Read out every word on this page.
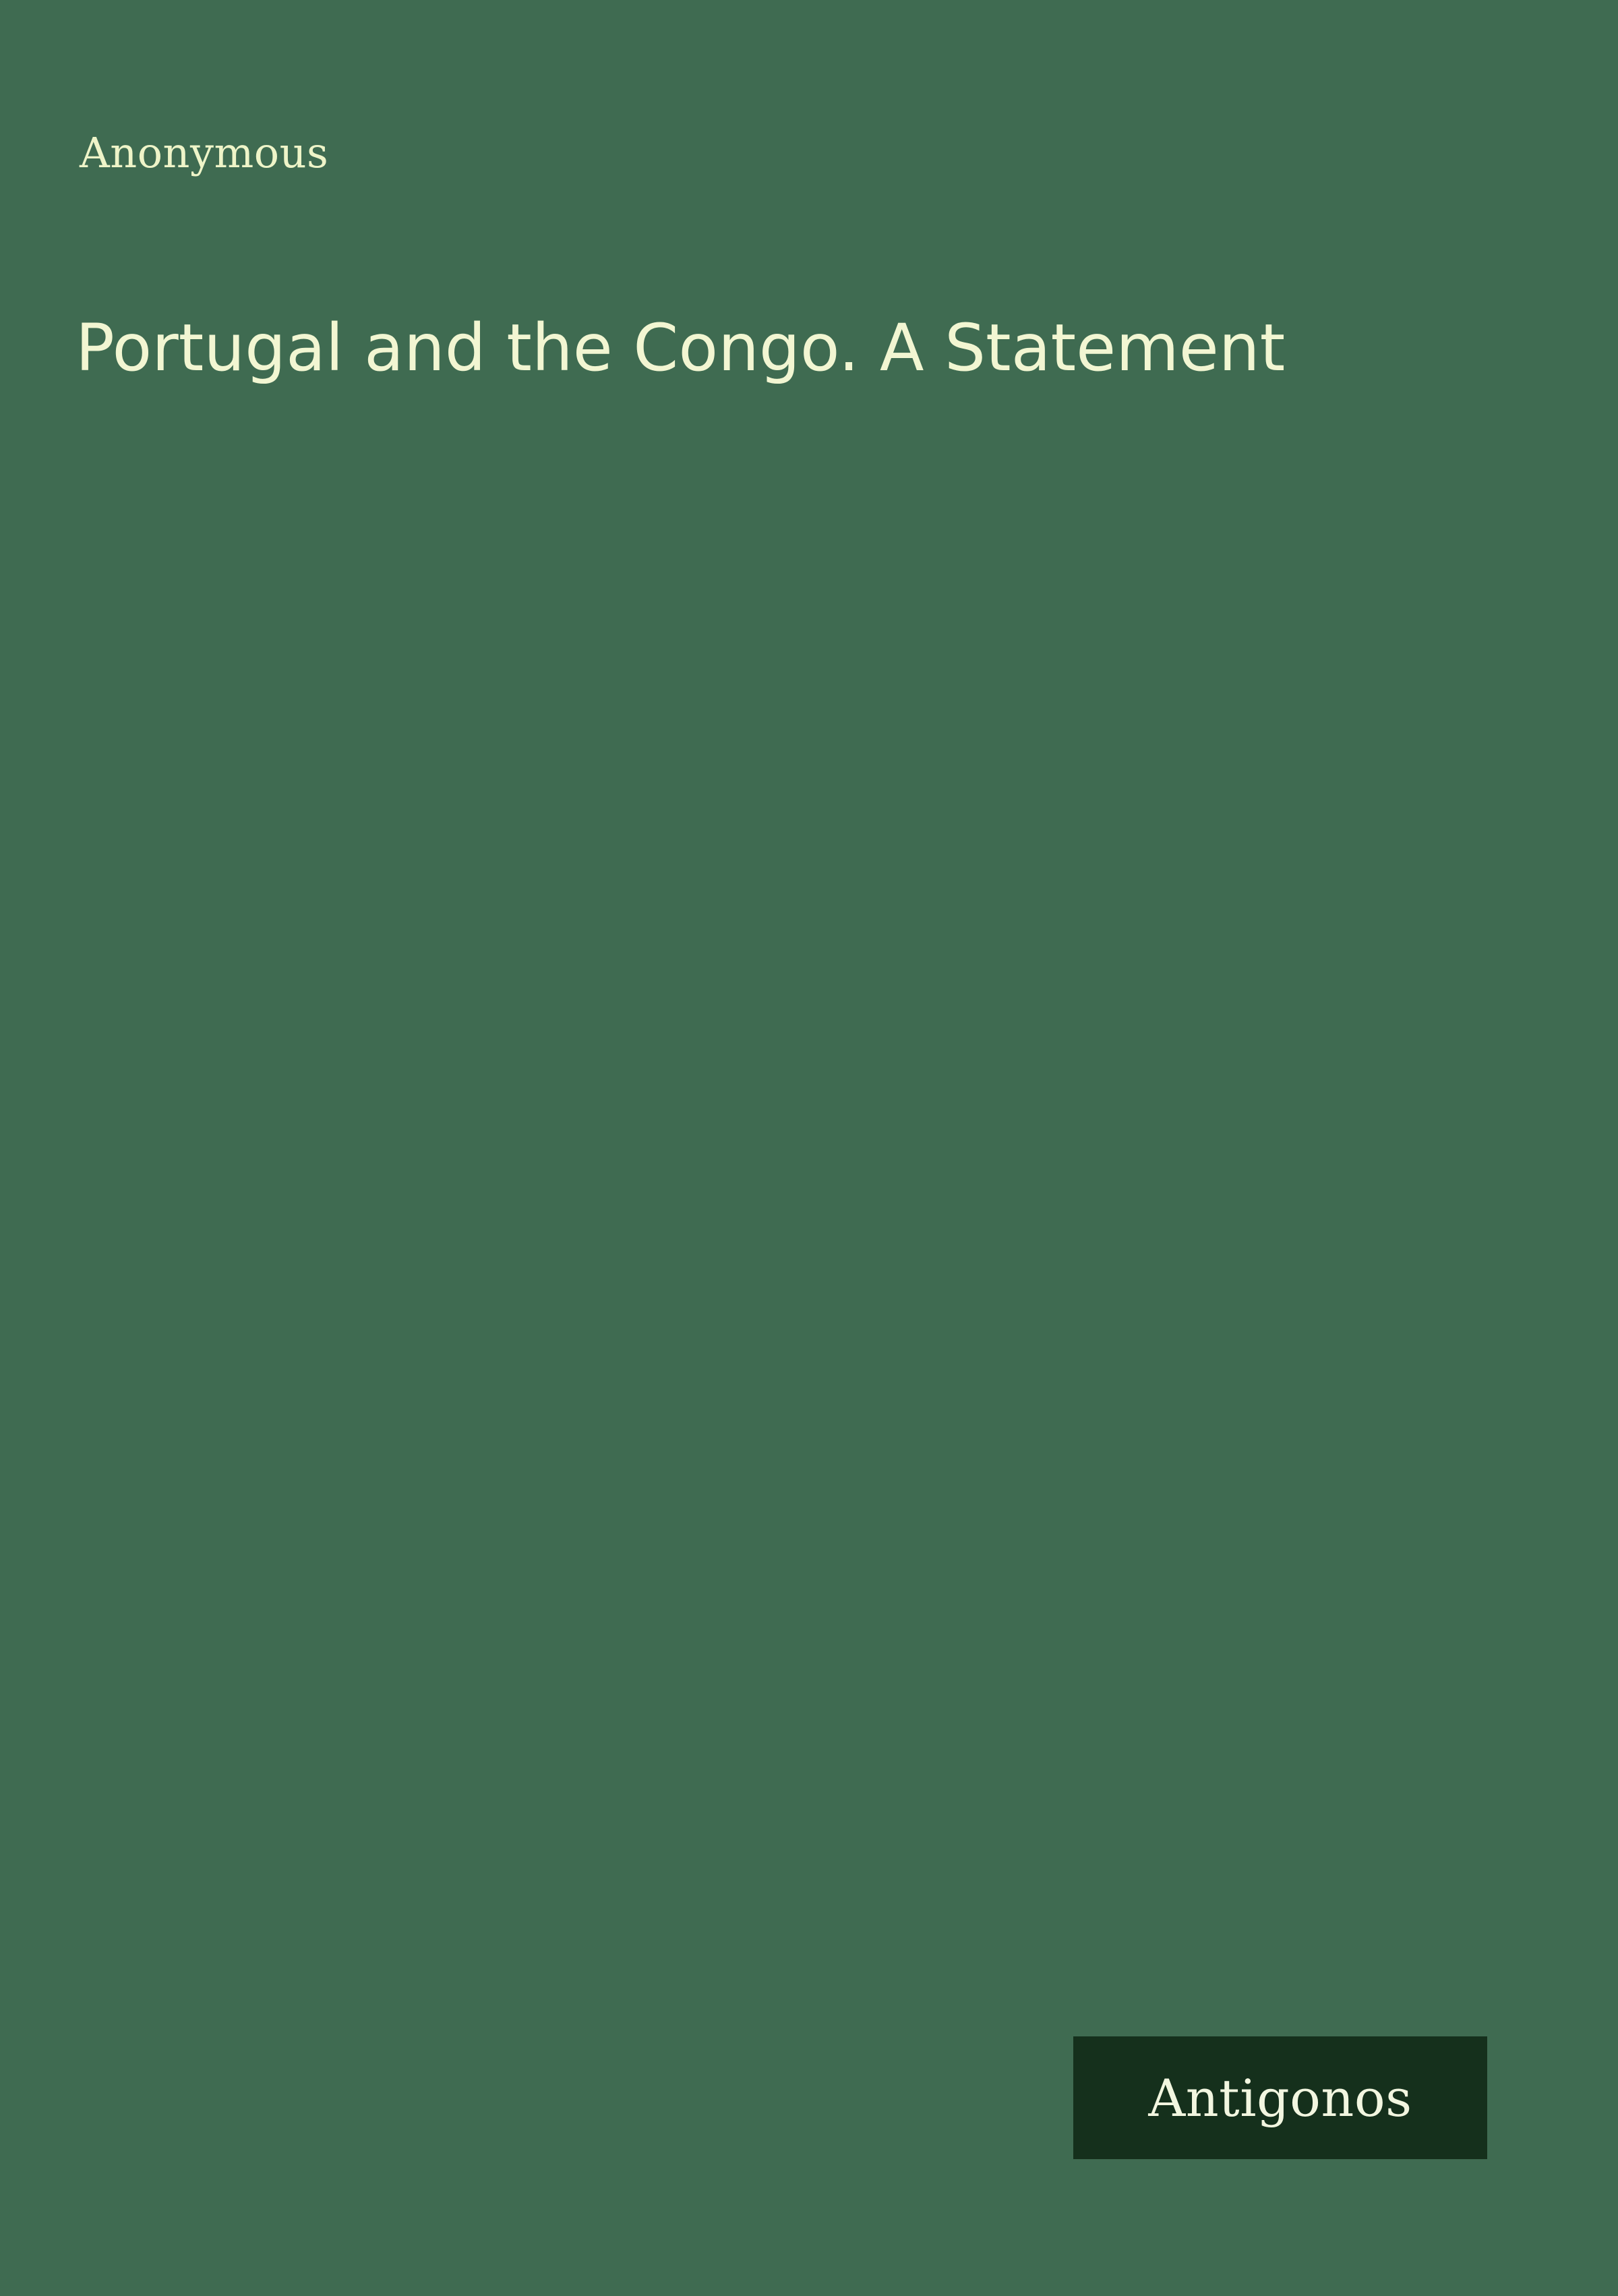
Anonymous
Portugal and the Congo. A Statement
Antigonos
